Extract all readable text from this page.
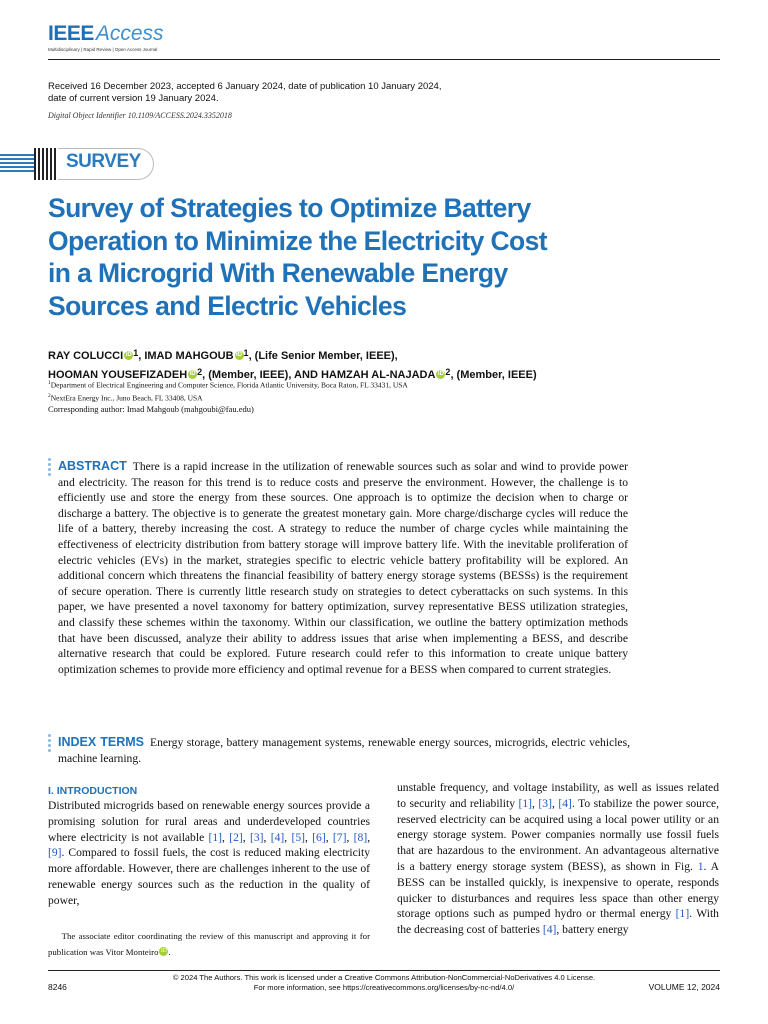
IEEE Access
Multidisciplinary | Rapid Review | Open Access Journal
Received 16 December 2023, accepted 6 January 2024, date of publication 10 January 2024,
date of current version 19 January 2024.
Digital Object Identifier 10.1109/ACCESS.2024.3352018
SURVEY
Survey of Strategies to Optimize Battery Operation to Minimize the Electricity Cost in a Microgrid With Renewable Energy Sources and Electric Vehicles
RAY COLUCCI iD $^1$, IMAD MAHGOUB iD $^1$, (Life Senior Member, IEEE),
HOOMAN YOUSEFIZADEH iD $^2$, (Member, IEEE), AND HAMZAH AL-NAJADA iD $^2$, (Member, IEEE)
$^1$Department of Electrical Engineering and Computer Science, Florida Atlantic University, Boca Raton, FL 33431, USA
$^2$NextEra Energy Inc., Juno Beach, FL 33408, USA
Corresponding author: Imad Mahgoub (mahgoubi@fau.edu)

ABSTRACT There is a rapid increase in the utilization of renewable sources such as solar and wind to provide power and electricity. The reason for this trend is to reduce costs and preserve the environment. However, the challenge is to efficiently use and store the energy from these sources. One approach is to optimize the decision when to charge or discharge a battery. The objective is to generate the greatest monetary gain. More charge/discharge cycles will reduce the life of a battery, thereby increasing the cost. A strategy to reduce the number of charge cycles while maintaining the effectiveness of electricity distribution from battery storage will improve battery life. With the inevitable proliferation of electric vehicles (EVs) in the market, strategies specific to electric vehicle battery profitability will be explored. An additional concern which threatens the financial feasibility of battery energy storage systems (BESSs) is the requirement of secure operation. There is currently little research study on strategies to detect cyberattacks on such systems. In this paper, we have presented a novel taxonomy for battery optimization, survey representative BESS utilization strategies, and classify these schemes within the taxonomy. Within our classification, we outline the battery optimization methods that have been discussed, analyze their ability to address issues that arise when implementing a BESS, and describe alternative research that could be explored. Future research could refer to this information to create unique battery optimization schemes to provide more efficiency and optimal revenue for a BESS when compared to current strategies.

INDEX TERMS Energy storage, battery management systems, renewable energy sources, microgrids, electric vehicles, machine learning.

I. INTRODUCTION

Distributed microgrids based on renewable energy sources provide a promising solution for rural areas and underdeveloped countries where electricity is not available [1], [2], [3], [4], [5], [6], [7], [8], [9]. Compared to fossil fuels, the cost is reduced making electricity more affordable. However, there are challenges inherent to the use of renewable energy sources such as the reduction in the quality of power,

The associate editor coordinating the review of this manuscript and approving it for publication was Vitor Monteiro iD .

unstable frequency, and voltage instability, as well as issues related to security and reliability [1], [3], [4]. To stabilize the power source, reserved electricity can be acquired using a local power utility or an energy storage system. Power companies normally use fossil fuels that are hazardous to the environment. An advantageous alternative is a battery energy storage system (BESS), as shown in Fig. 1. A BESS can be installed quickly, is inexpensive to operate, responds quicker to disturbances and requires less space than other energy storage options such as pumped hydro or thermal energy [1]. With the decreasing cost of batteries [4], battery energy

© 2024 The Authors. This work is licensed under a Creative Commons Attribution-NonCommercial-NoDerivatives 4.0 License.
For more information, see https://creativecommons.org/licenses/by-nc-nd/4.0/
8246	VOLUME 12, 2024
